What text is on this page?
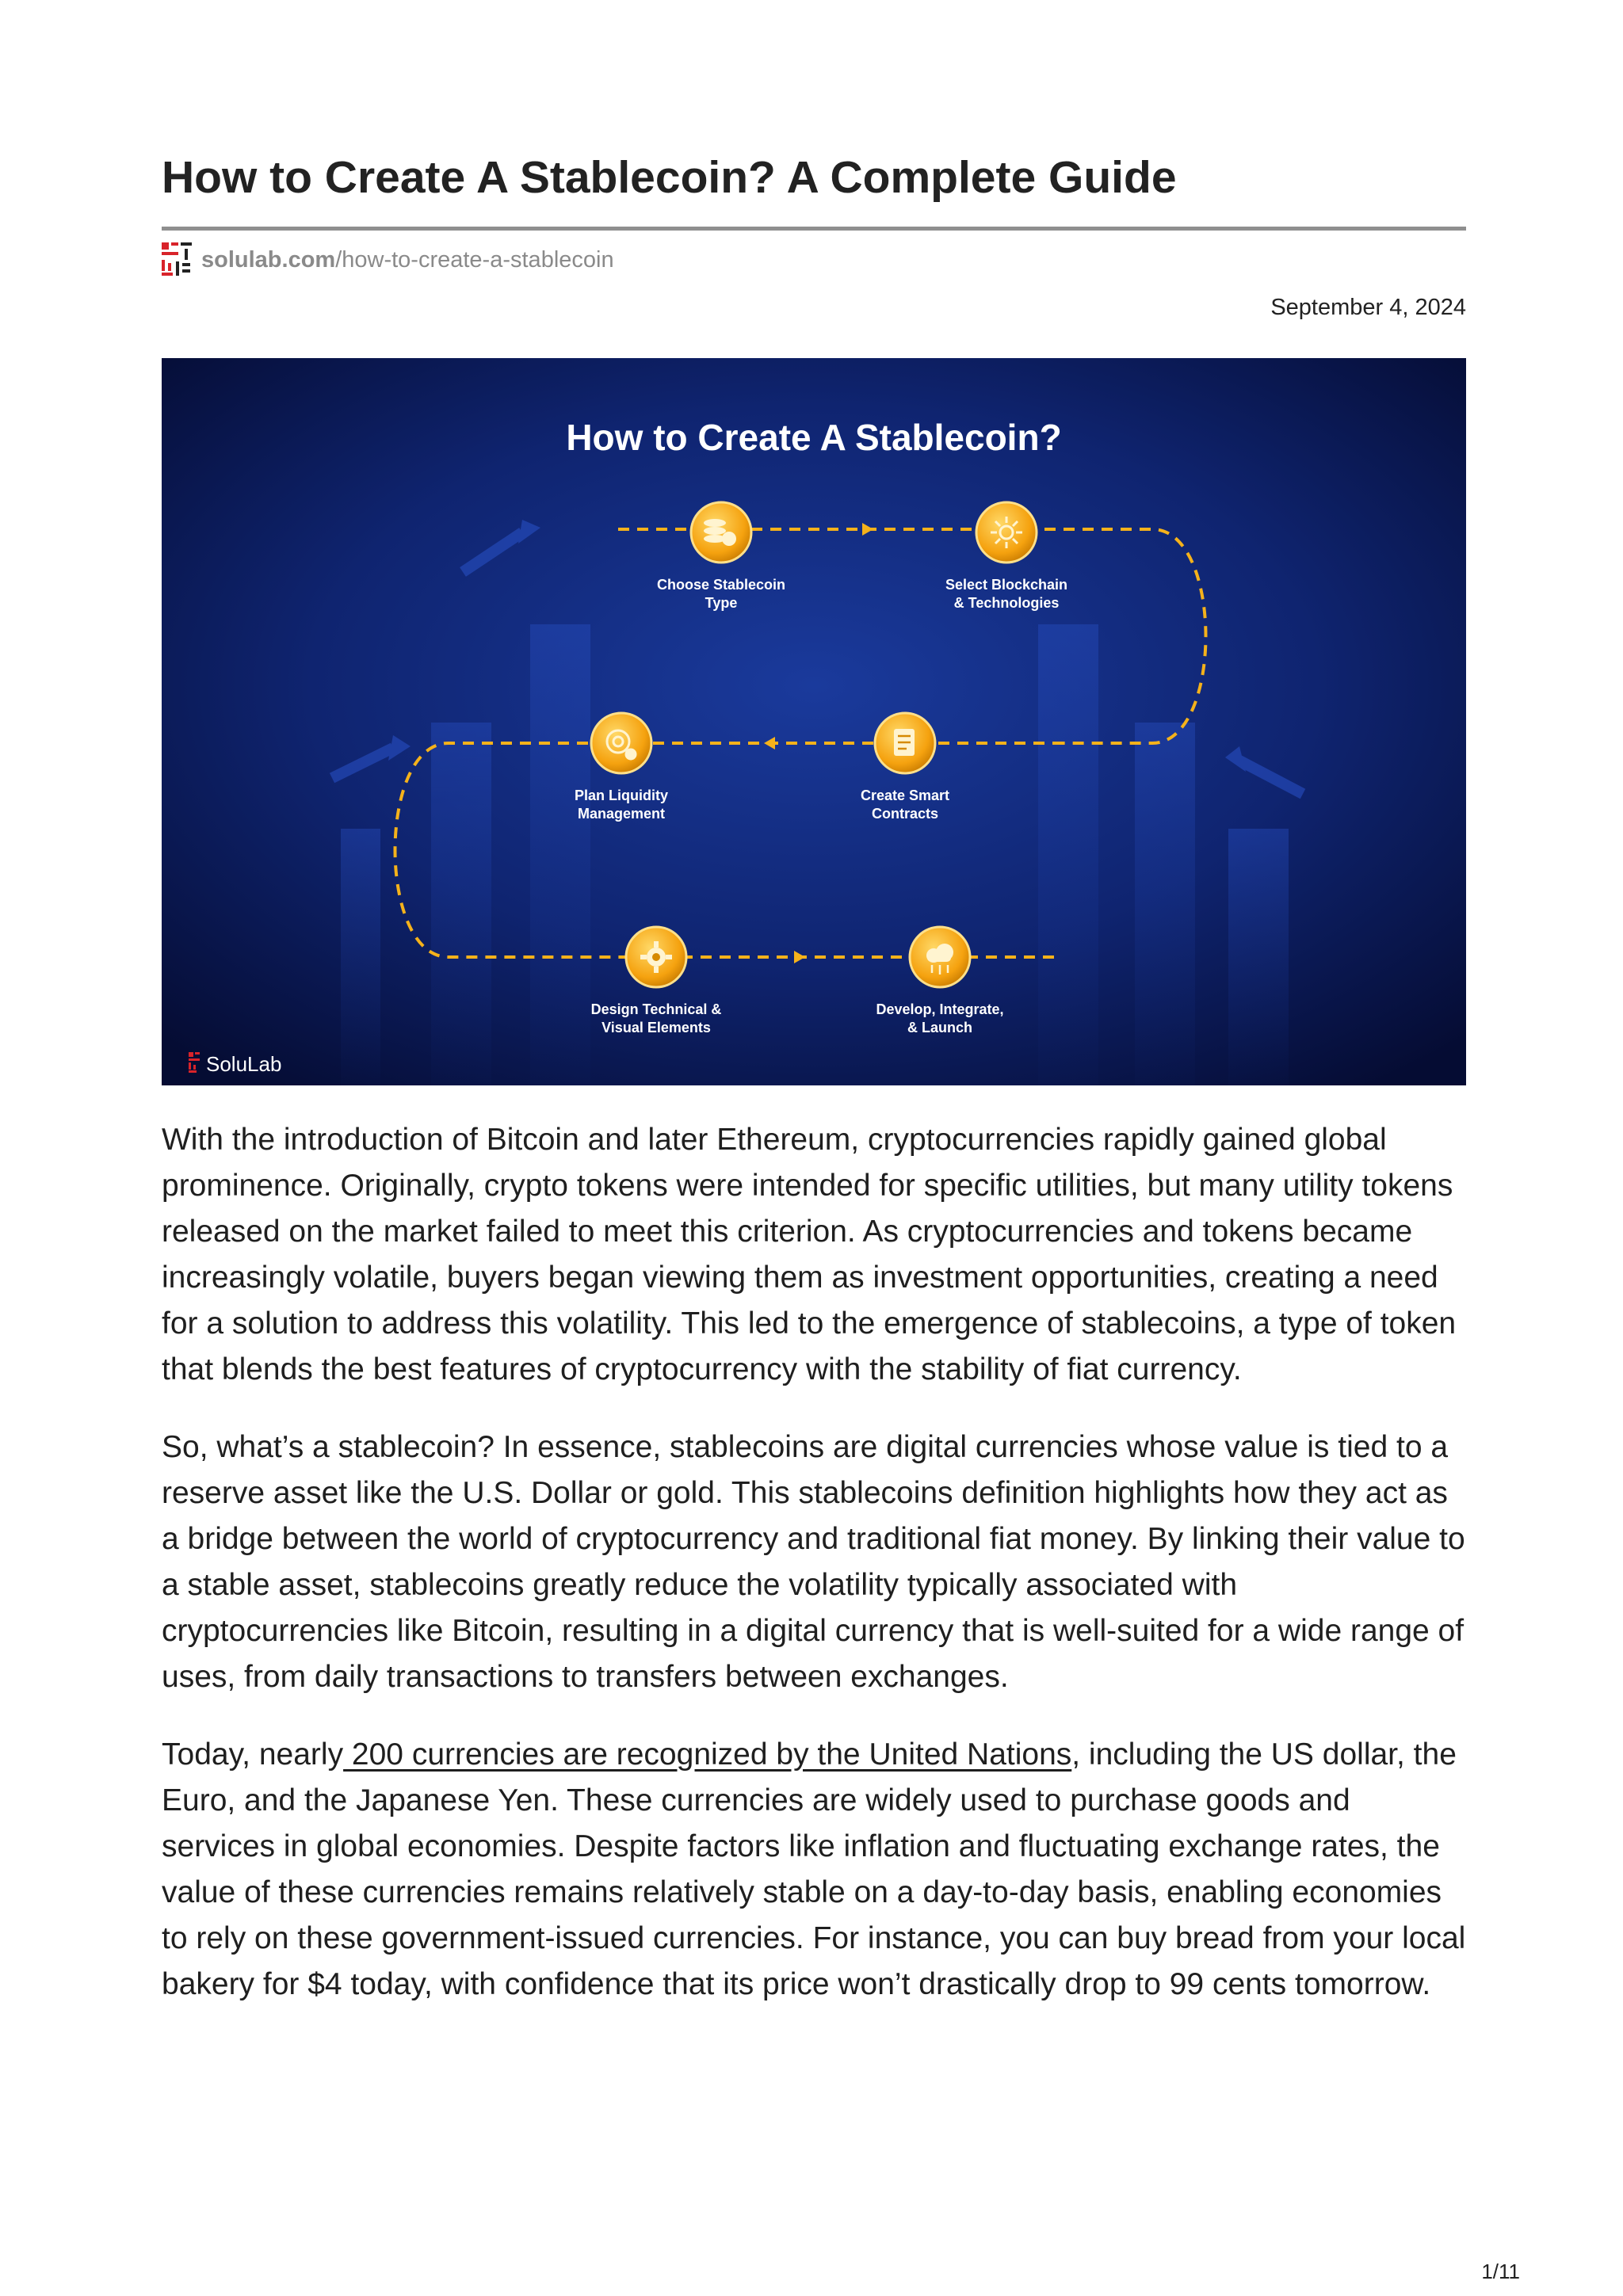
How to Create A Stablecoin? A Complete Guide
solulab.com /how-to-create-a-stablecoin
September 4, 2024
How to Create A Stablecoin?
Choose Stablecoin
Type
Select Blockchain
& Technologies
Create Smart
Contracts
Plan Liquidity
Management
Design Technical &
Visual Elements
Develop, Integrate,
& Launch
SoluLab

With the introduction of Bitcoin and later Ethereum, cryptocurrencies rapidly gained global prominence. Originally, crypto tokens were intended for specific utilities, but many utility tokens released on the market failed to meet this criterion. As cryptocurrencies and tokens became increasingly volatile, buyers began viewing them as investment opportunities, creating a need for a solution to address this volatility. This led to the emergence of stablecoins, a type of token that blends the best features of cryptocurrency with the stability of fiat currency.

So, what’s a stablecoin? In essence, stablecoins are digital currencies whose value is tied to a reserve asset like the U.S. Dollar or gold. This stablecoins definition highlights how they act as a bridge between the world of cryptocurrency and traditional fiat money. By linking their value to a stable asset, stablecoins greatly reduce the volatility typically associated with cryptocurrencies like Bitcoin, resulting in a digital currency that is well-suited for a wide range of uses, from daily transactions to transfers between exchanges.

Today, nearly 200 currencies are recognized by the United Nations, including the US dollar, the Euro, and the Japanese Yen. These currencies are widely used to purchase goods and services in global economies. Despite factors like inflation and fluctuating exchange rates, the value of these currencies remains relatively stable on a day-to-day basis, enabling economies to rely on these government-issued currencies. For instance, you can buy bread from your local bakery for $4 today, with confidence that its price won’t drastically drop to 99 cents tomorrow.

1/11
